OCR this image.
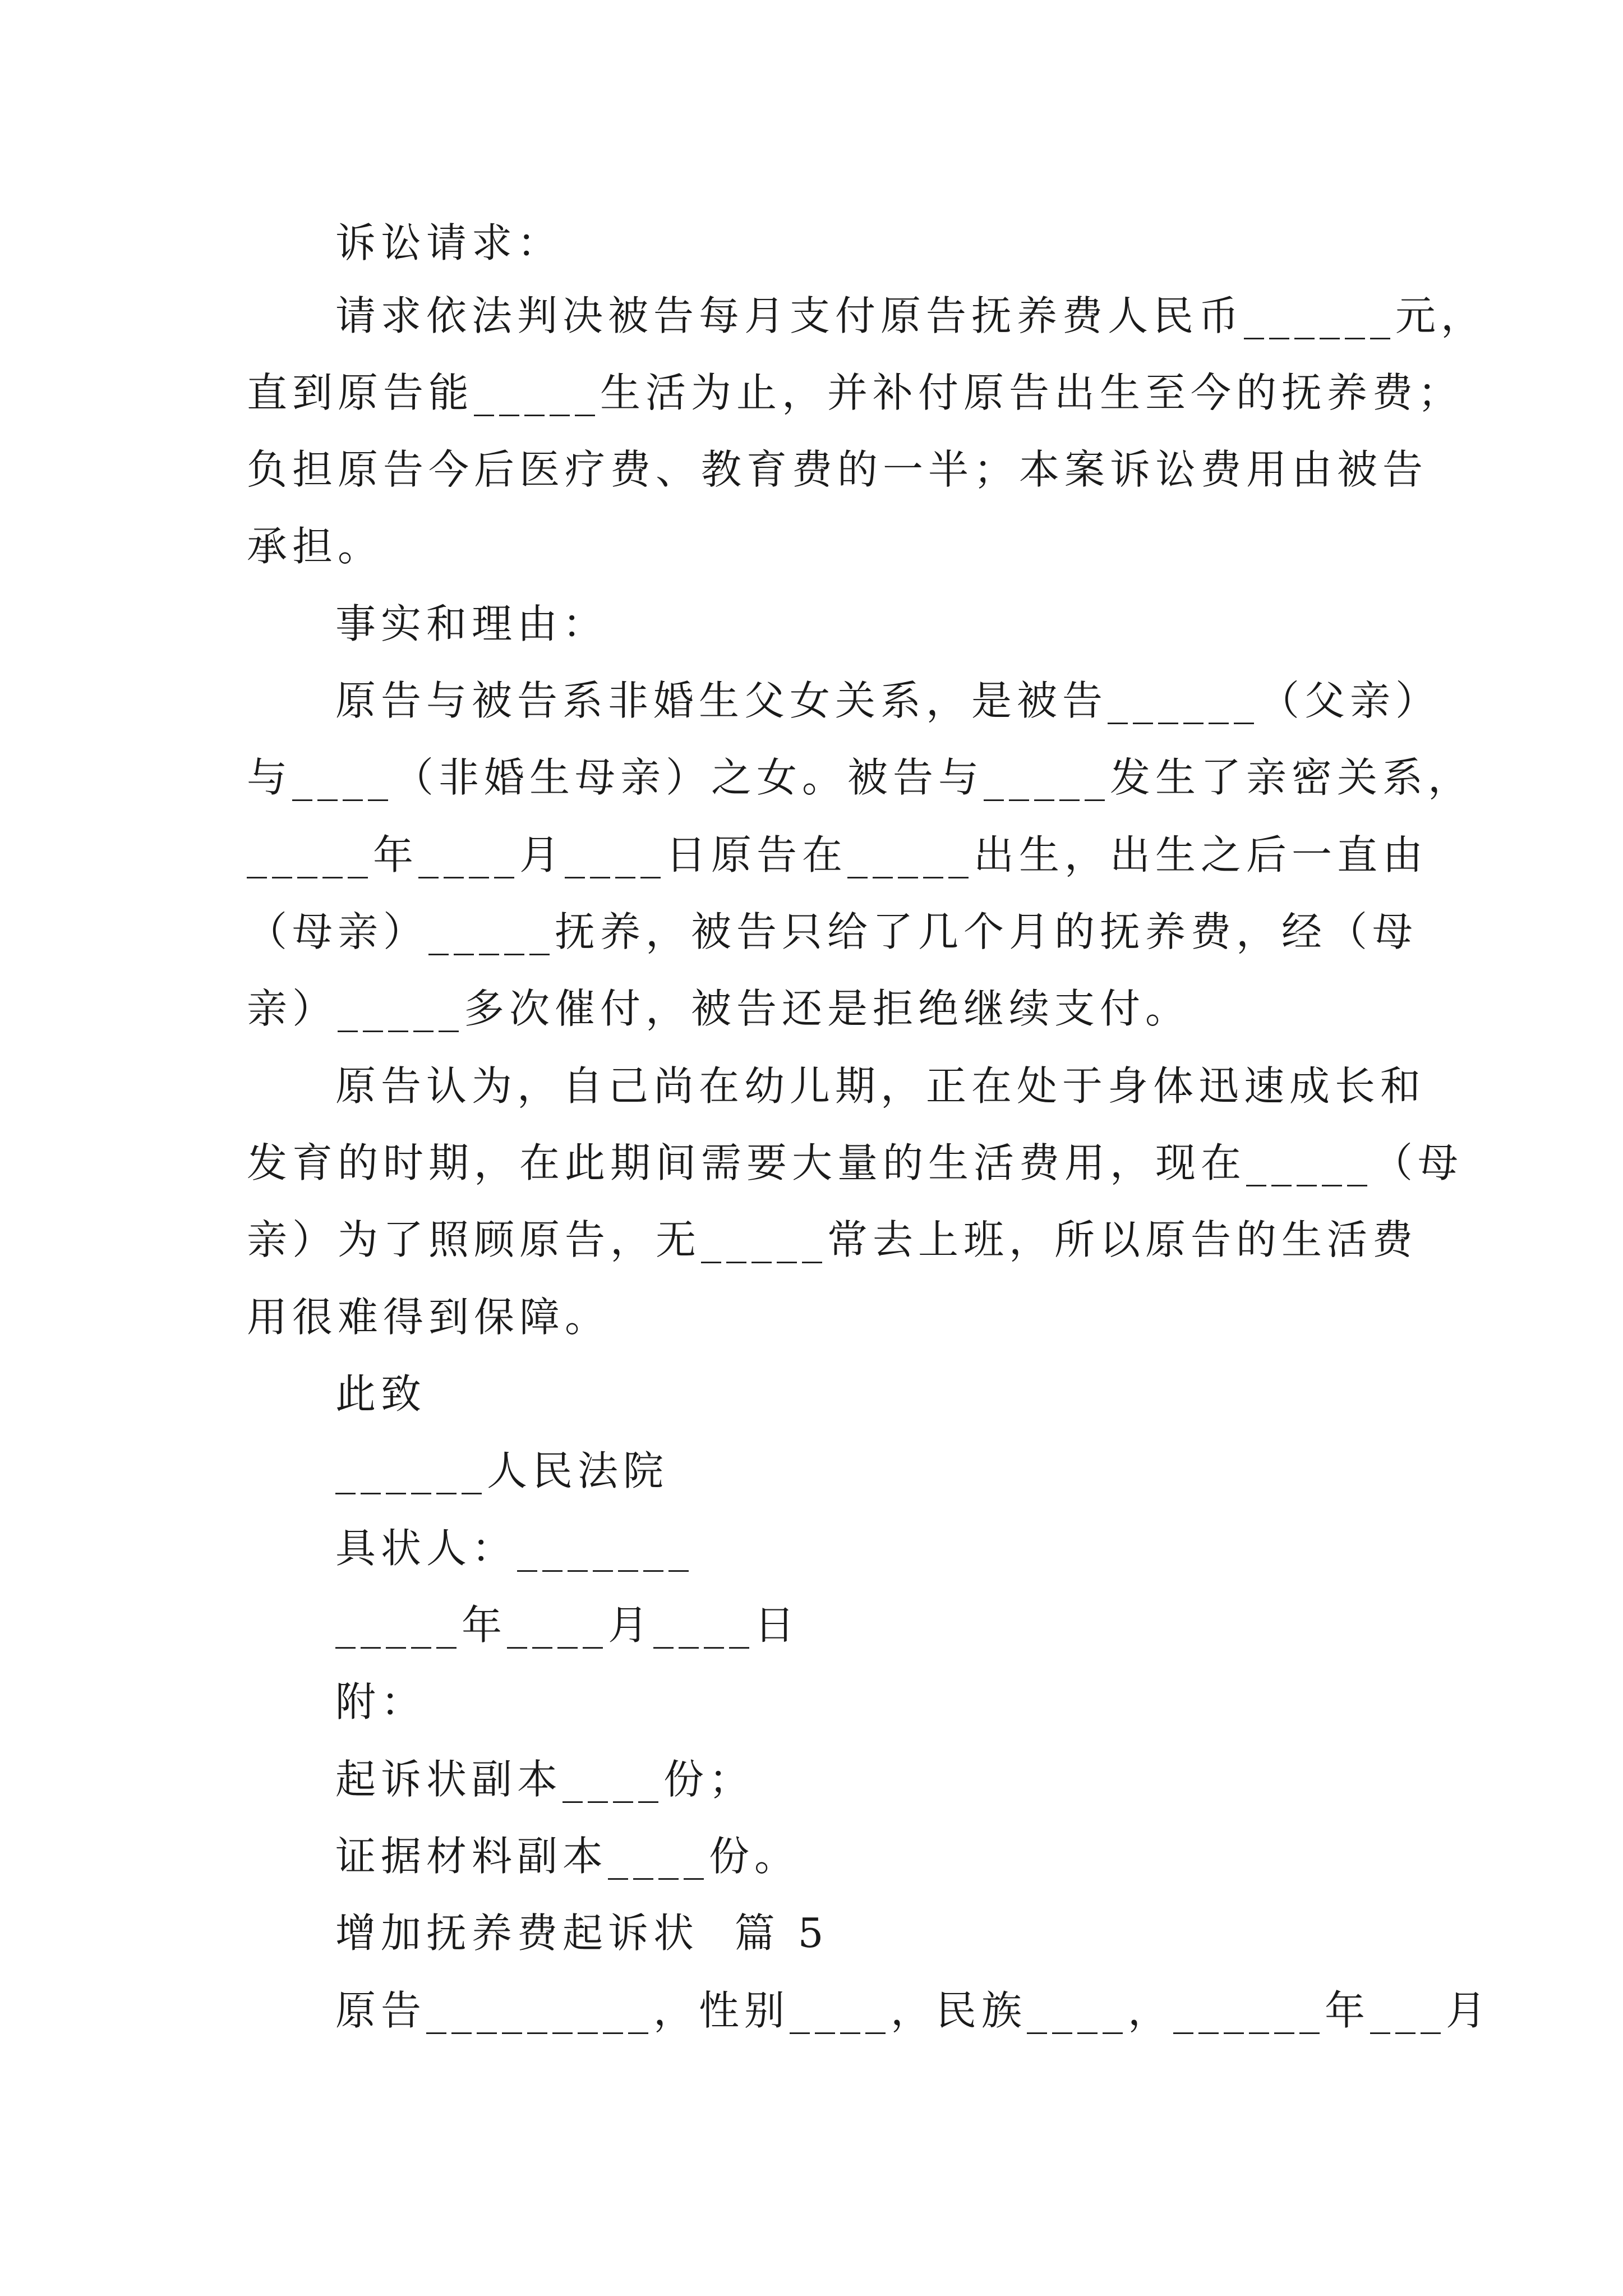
诉讼请求：
请求依法判决被告每月支付原告抚养费人民币______元，
直到原告能_____生活为止，并补付原告出生至今的抚养费；
负担原告今后医疗费、教育费的一半；本案诉讼费用由被告
承担。
事实和理由：
原告与被告系非婚生父女关系，是被告______（父亲）
与____（非婚生母亲）之女。被告与_____发生了亲密关系，
_____年____月____日原告在_____出生，出生之后一直由
（母亲）_____抚养，被告只给了几个月的抚养费，经（母
亲）_____多次催付，被告还是拒绝继续支付。
原告认为，自己尚在幼儿期，正在处于身体迅速成长和
发育的时期，在此期间需要大量的生活费用，现在_____（母
亲）为了照顾原告，无_____常去上班，所以原告的生活费
用很难得到保障。
此致
______人民法院
具状人：_______
_____年____月____日
附：
起诉状副本____份；
证据材料副本____份。
增加抚养费起诉状  篇 5
原告_________，性别____，民族____，______年___月
